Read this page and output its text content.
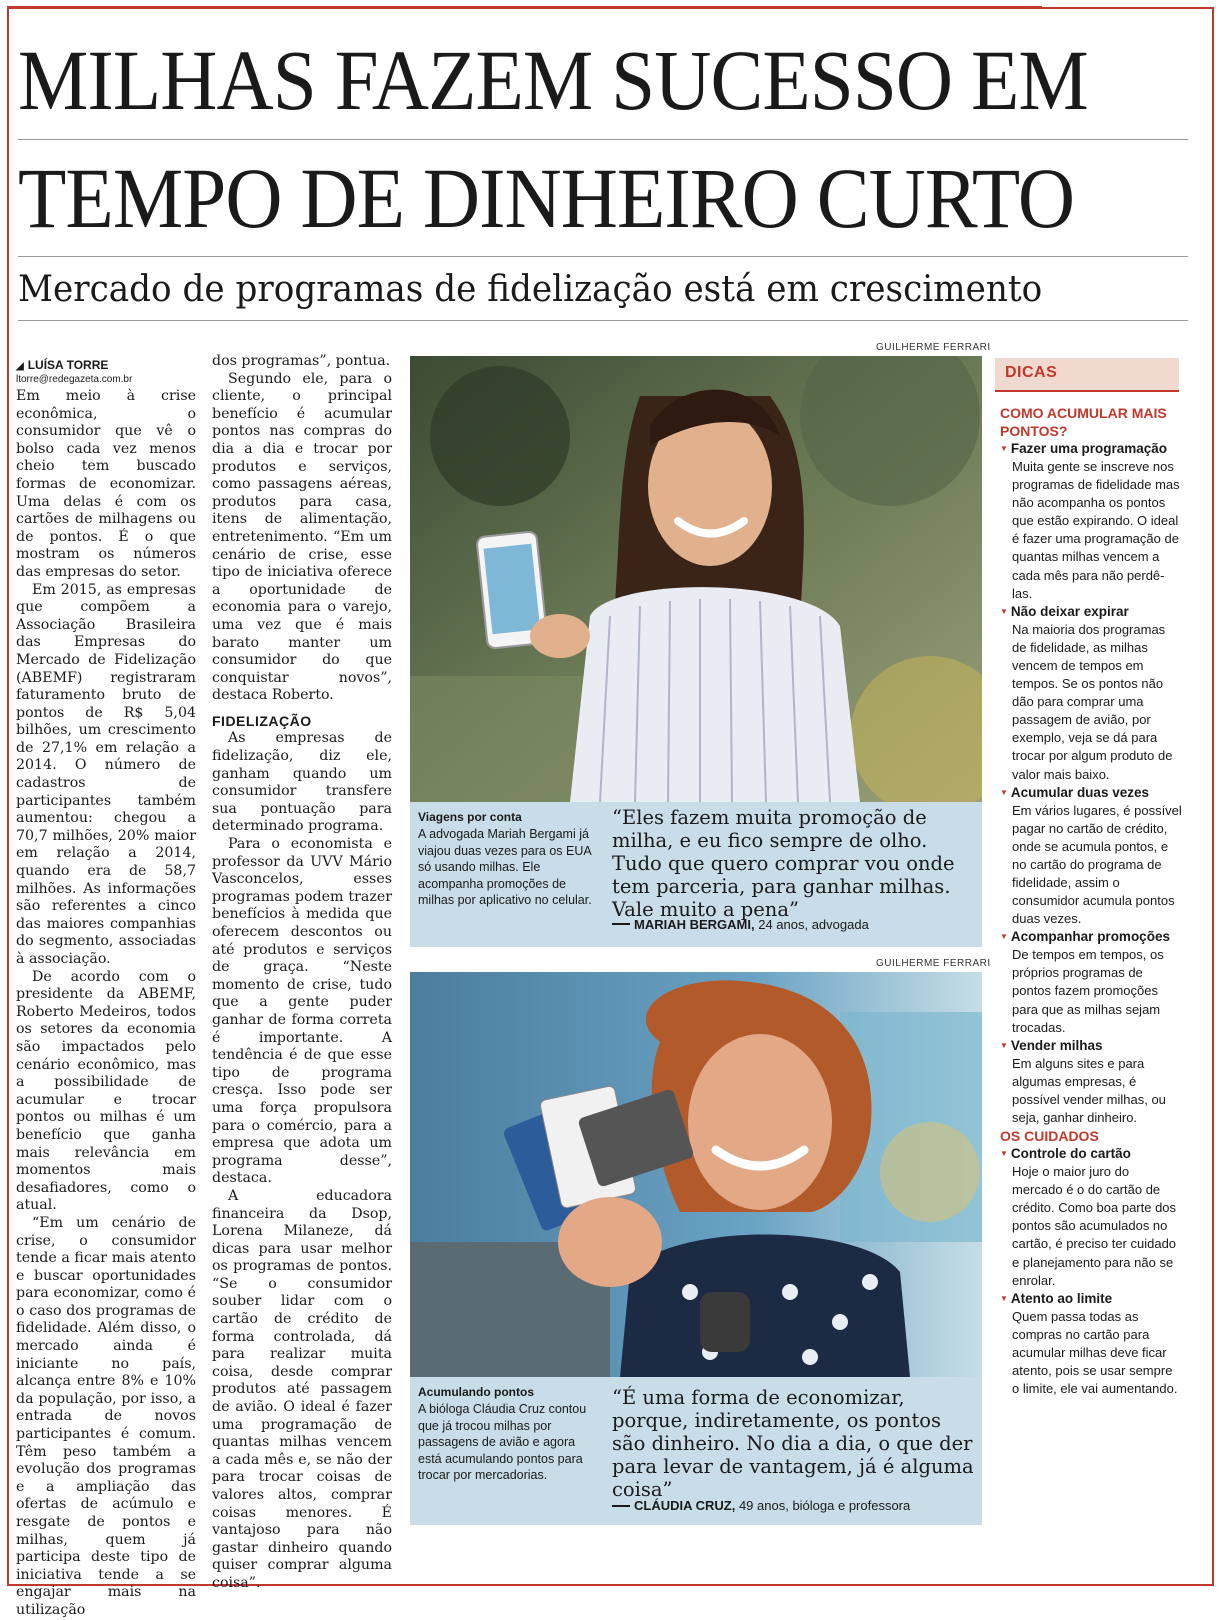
MILHAS FAZEM SUCESSO EM
TEMPO DE DINHEIRO CURTO
Mercado de programas de fidelização está em crescimento
◢ LUÍSA TORRE
ltorre@redegazeta.com.br

Em meio à crise econômica, o consumidor que vê o bolso cada vez menos cheio tem buscado formas de economizar. Uma delas é com os cartões de milhagens ou de pontos. É o que mostram os números das empresas do setor.

Em 2015, as empresas que compõem a Associação Brasileira das Empresas do Mercado de Fidelização (ABEMF) registraram faturamento bruto de pontos de R$ 5,04 bilhões, um crescimento de 27,1% em relação a 2014. O número de cadastros de participantes também aumentou: chegou a 70,7 milhões, 20% maior em relação a 2014, quando era de 58,7 milhões. As informações são referentes a cinco das maiores companhias do segmento, associadas à associação.

De acordo com o presidente da ABEMF, Roberto Medeiros, todos os setores da economia são impactados pelo cenário econômico, mas a possibilidade de acumular e trocar pontos ou milhas é um benefício que ganha mais relevância em momentos mais desafiadores, como o atual.

“Em um cenário de crise, o consumidor tende a ficar mais atento e buscar oportunidades para economizar, como é o caso dos programas de fidelidade. Além disso, o mercado ainda é iniciante no país, alcança entre 8% e 10% da população, por isso, a entrada de novos participantes é comum. Têm peso também a evolução dos programas e a ampliação das ofertas de acúmulo e resgate de pontos e milhas, quem já participa deste tipo de iniciativa tende a se engajar mais na utilização

dos programas”, pontua.

Segundo ele, para o cliente, o principal benefício é acumular pontos nas compras do dia a dia e trocar por produtos e serviços, como passagens aéreas, produtos para casa, itens de alimentação, entretenimento. “Em um cenário de crise, esse tipo de iniciativa oferece a oportunidade de economia para o varejo, uma vez que é mais barato manter um consumidor do que conquistar novos”, destaca Roberto.

FIDELIZAÇÃO

As empresas de fidelização, diz ele, ganham quando um consumidor transfere sua pontuação para determinado programa.

Para o economista e professor da UVV Mário Vasconcelos, esses programas podem trazer benefícios à medida que oferecem descontos ou até produtos e serviços de graça. “Neste momento de crise, tudo que a gente puder ganhar de forma correta é importante. A tendência é de que esse tipo de programa cresça. Isso pode ser uma força propulsora para o comércio, para a empresa que adota um programa desse”, destaca.

A educadora financeira da Dsop, Lorena Milaneze, dá dicas para usar melhor os programas de pontos. “Se o consumidor souber lidar com o cartão de crédito de forma controlada, dá para realizar muita coisa, desde comprar produtos até passagem de avião. O ideal é fazer uma programação de quantas milhas vencem a cada mês e, se não der para trocar coisas de valores altos, comprar coisas menores. É vantajoso para não gastar dinheiro quando quiser comprar alguma coisa”.

GUILHERME FERRARI

Viagens por conta

A advogada Mariah Bergami já viajou duas vezes para os EUA só usando milhas. Ele acompanha promoções de milhas por aplicativo no celular.

“Eles fazem muita promoção de milha, e eu fico sempre de olho. Tudo que quero comprar vou onde tem parceria, para ganhar milhas. Vale muito a pena”
MARIAH BERGAMI, 24 anos, advogada
GUILHERME FERRARI

Acumulando pontos

A bióloga Cláudia Cruz contou que já trocou milhas por passagens de avião e agora está acumulando pontos para trocar por mercadorias.

“É uma forma de economizar, porque, indiretamente, os pontos são dinheiro. No dia a dia, o que der para levar de vantagem, já é alguma coisa”
CLÁUDIA CRUZ, 49 anos, bióloga e professora
DICAS
COMO ACUMULAR MAIS PONTOS?

▼ Fazer uma programação

Muita gente se inscreve nos programas de fidelidade mas não acompanha os pontos que estão expirando. O ideal é fazer uma programação de quantas milhas vencem a cada mês para não perdê-las.

▼ Não deixar expirar

Na maioria dos programas de fidelidade, as milhas vencem de tempos em tempos. Se os pontos não dão para comprar uma passagem de avião, por exemplo, veja se dá para trocar por algum produto de valor mais baixo.

▼ Acumular duas vezes

Em vários lugares, é possível pagar no cartão de crédito, onde se acumula pontos, e no cartão do programa de fidelidade, assim o consumidor acumula pontos duas vezes.

▼ Acompanhar promoções

De tempos em tempos, os próprios programas de pontos fazem promoções para que as milhas sejam trocadas.

▼ Vender milhas

Em alguns sites e para algumas empresas, é possível vender milhas, ou seja, ganhar dinheiro.

OS CUIDADOS

▼ Controle do cartão

Hoje o maior juro do mercado é o do cartão de crédito. Como boa parte dos pontos são acumulados no cartão, é preciso ter cuidado e planejamento para não se enrolar.

▼ Atento ao limite

Quem passa todas as compras no cartão para acumular milhas deve ficar atento, pois se usar sempre o limite, ele vai aumentando.
